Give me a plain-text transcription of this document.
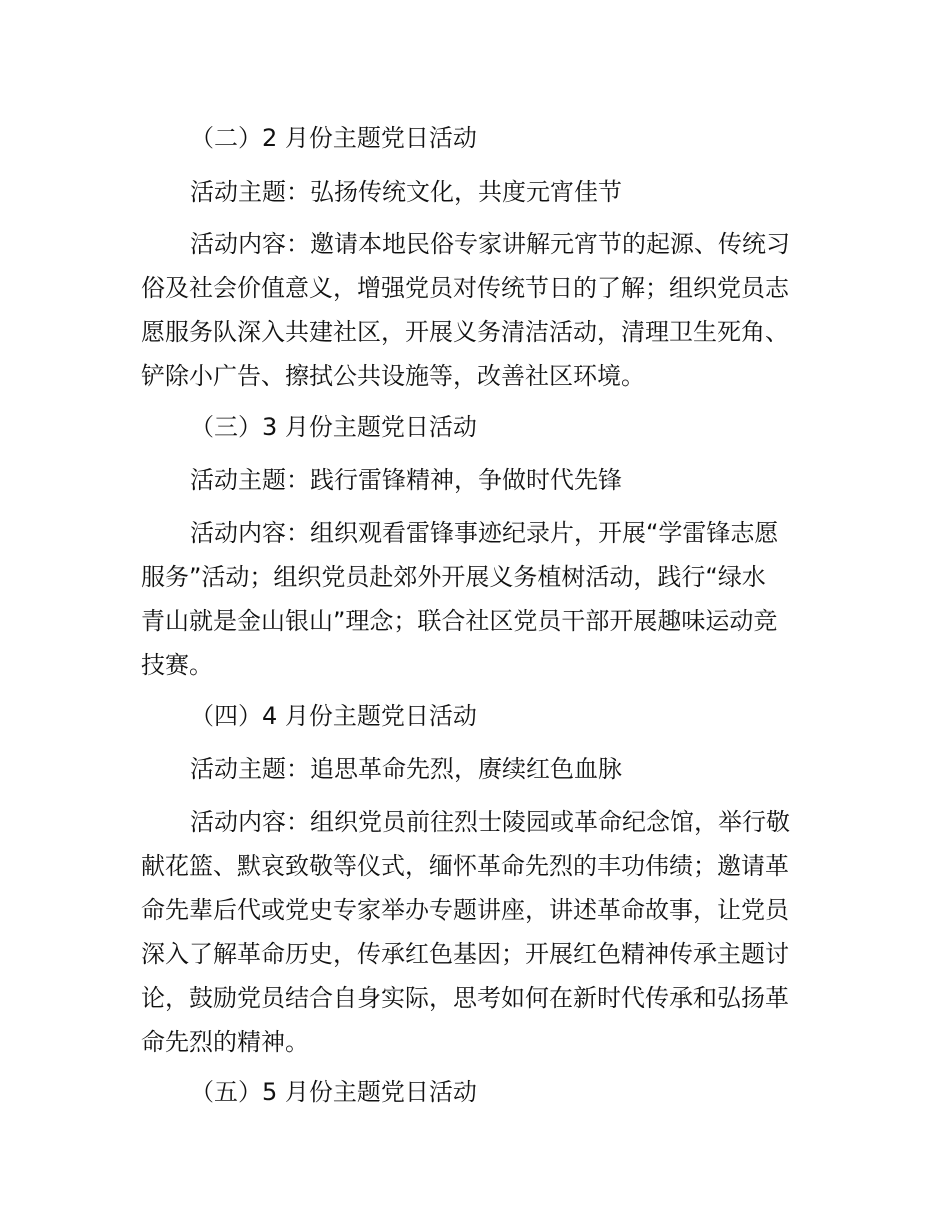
（二）2 月份主题党日活动
活动主题：弘扬传统文化，共度元宵佳节
活动内容：邀请本地民俗专家讲解元宵节的起源、传统习
俗及社会价值意义，增强党员对传统节日的了解；组织党员志
愿服务队深入共建社区，开展义务清洁活动，清理卫生死角、
铲除小广告、擦拭公共设施等，改善社区环境。
（三）3 月份主题党日活动
活动主题：践行雷锋精神，争做时代先锋
活动内容：组织观看雷锋事迹纪录片，开展“学雷锋志愿
服务”活动；组织党员赴郊外开展义务植树活动，践行“绿水
青山就是金山银山”理念；联合社区党员干部开展趣味运动竞
技赛。
（四）4 月份主题党日活动
活动主题：追思革命先烈，赓续红色血脉
活动内容：组织党员前往烈士陵园或革命纪念馆，举行敬
献花篮、默哀致敬等仪式，缅怀革命先烈的丰功伟绩；邀请革
命先辈后代或党史专家举办专题讲座，讲述革命故事，让党员
深入了解革命历史，传承红色基因；开展红色精神传承主题讨
论，鼓励党员结合自身实际，思考如何在新时代传承和弘扬革
命先烈的精神。
（五）5 月份主题党日活动
